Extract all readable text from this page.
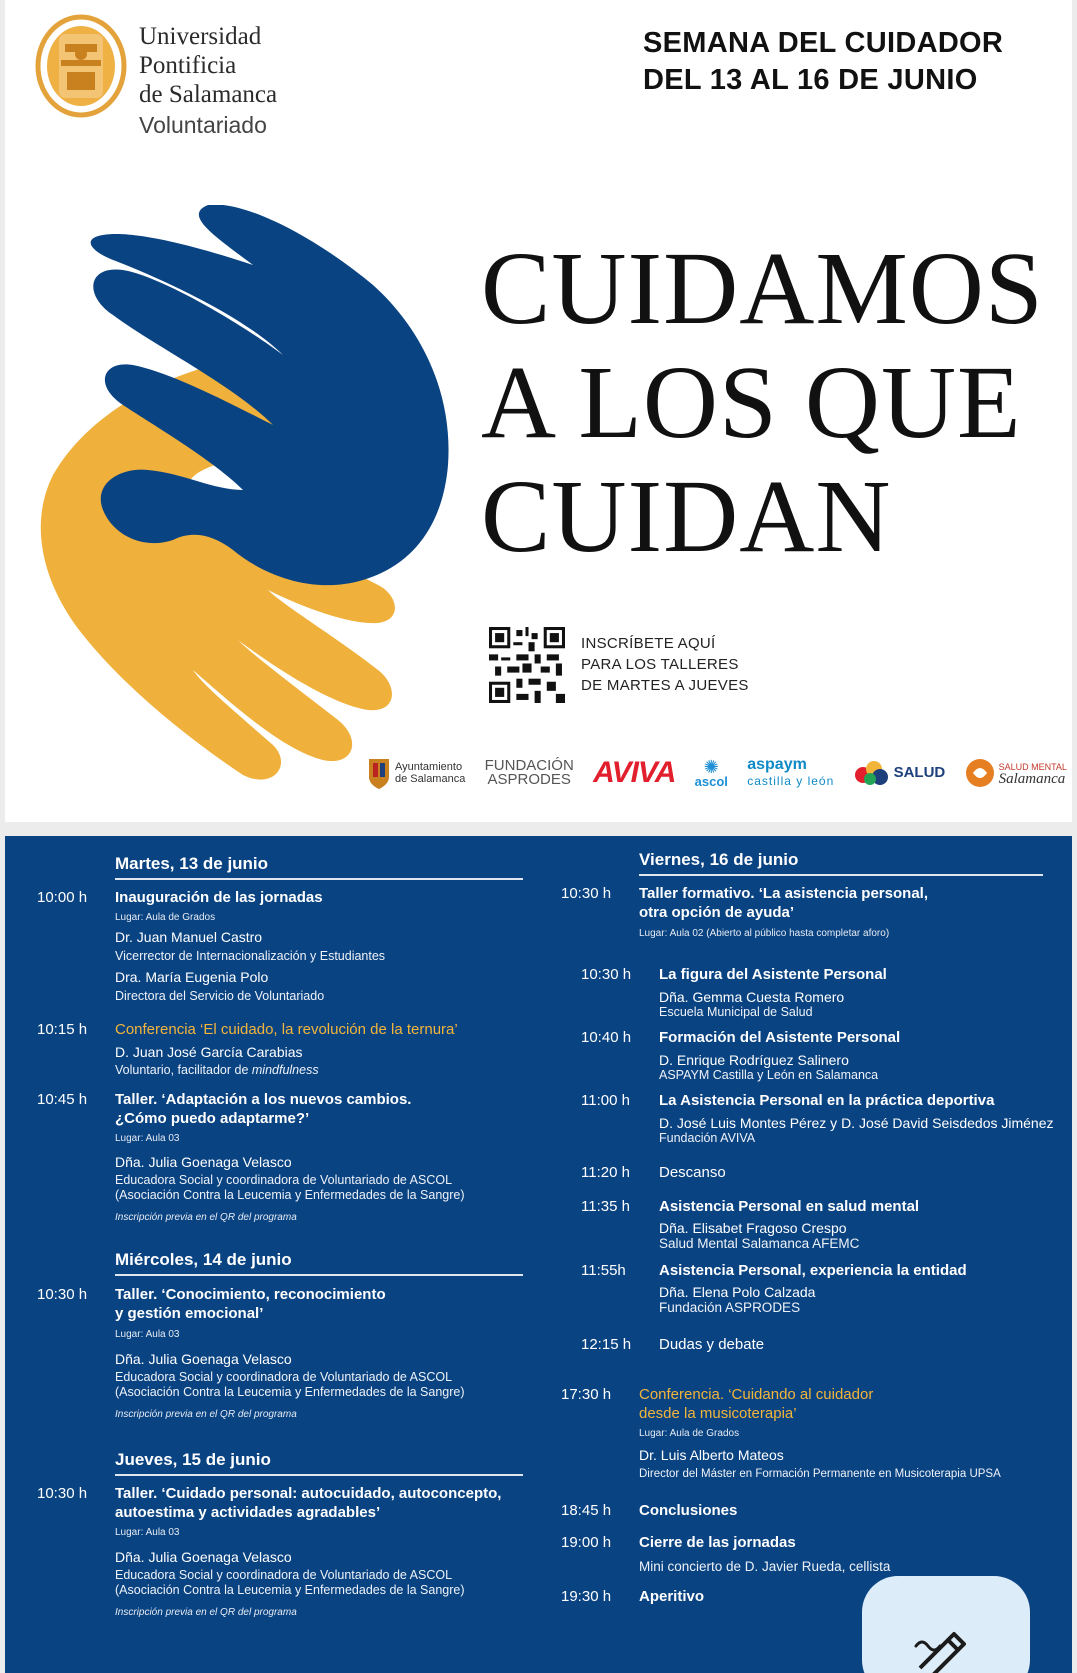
Universidad
Pontificia
de Salamanca
Voluntariado
SEMANA DEL CUIDADOR
DEL 13 AL 16 DE JUNIO
CUIDAMOS
A LOS QUE
CUIDAN
INSCRÍBETE AQUÍ
PARA LOS TALLERES
DE MARTES A JUEVES
Ayuntamiento
de Salamanca
FUNDACIÓN
ASPRODES AVIVA	✺
ascol
aspaym
castilla y león	SALUD	SALUD MENTAL
Salamanca
Martes, 13 de junio
10:00 h Inauguración de las jornadas
Lugar: Aula de Grados
Dr. Juan Manuel Castro
Vicerrector de Internacionalización y Estudiantes
Dra. María Eugenia Polo
Directora del Servicio de Voluntariado
10:15 h Conferencia ‘El cuidado, la revolución de la ternura’
D. Juan José García Carabias
Voluntario, facilitador de mindfulness
10:45 h Taller. ‘Adaptación a los nuevos cambios.
¿Cómo puedo adaptarme?’
Lugar: Aula 03
Dña. Julia Goenaga Velasco
Educadora Social y coordinadora de Voluntariado de ASCOL
(Asociación Contra la Leucemia y Enfermedades de la Sangre)
Inscripción previa en el QR del programa
Miércoles, 14 de junio
10:30 h Taller. ‘Conocimiento, reconocimiento
y gestión emocional’
Lugar: Aula 03
Dña. Julia Goenaga Velasco
Educadora Social y coordinadora de Voluntariado de ASCOL
(Asociación Contra la Leucemia y Enfermedades de la Sangre)
Inscripción previa en el QR del programa
Jueves, 15 de junio
10:30 h Taller. ‘Cuidado personal: autocuidado, autoconcepto,
autoestima y actividades agradables’
Lugar: Aula 03
Dña. Julia Goenaga Velasco
Educadora Social y coordinadora de Voluntariado de ASCOL
(Asociación Contra la Leucemia y Enfermedades de la Sangre)
Inscripción previa en el QR del programa
Viernes, 16 de junio
10:30 h Taller formativo. ‘La asistencia personal,
otra opción de ayuda’
Lugar: Aula 02 (Abierto al público hasta completar aforo)
10:30 h La figura del Asistente Personal
Dña. Gemma Cuesta Romero
Escuela Municipal de Salud
10:40 h Formación del Asistente Personal
D. Enrique Rodríguez Salinero
ASPAYM Castilla y León en Salamanca
11:00 h La Asistencia Personal en la práctica deportiva
D. José Luis Montes Pérez y D. José David Seisdedos Jiménez
Fundación AVIVA
11:20 h Descanso
11:35 h Asistencia Personal en salud mental
Dña. Elisabet Fragoso Crespo
Salud Mental Salamanca AFEMC
11:55h Asistencia Personal, experiencia la entidad
Dña. Elena Polo Calzada
Fundación ASPRODES
12:15 h Dudas y debate
17:30 h Conferencia. ‘Cuidando al cuidador
desde la musicoterapia’
Lugar: Aula de Grados
Dr. Luis Alberto Mateos
Director del Máster en Formación Permanente en Musicoterapia UPSA
18:45 h Conclusiones
19:00 h Cierre de las jornadas
Mini concierto de D. Javier Rueda, cellista
19:30 h Aperitivo
